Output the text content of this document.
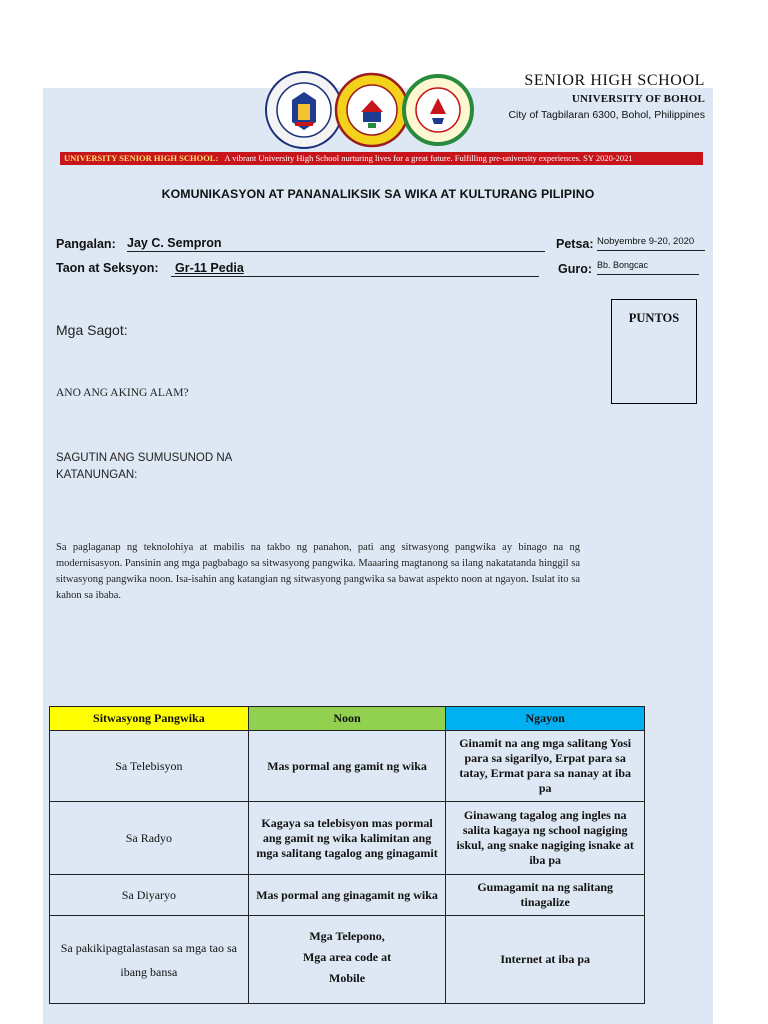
SENIOR HIGH SCHOOL
UNIVERSITY OF BOHOL
City of Tagbilaran 6300, Bohol, Philippines
UNIVERSITY SENIOR HIGH SCHOOL: A vibrant University High School nurturing lives for a great future. Fulfilling pre-university experiences. SY 2020-2021
KOMUNIKASYON AT PANANALIKSIK SA WIKA AT KULTURANG PILIPINO
Pangalan: Jay C. Sempron	Petsa: Nobyembre 9-20, 2020
Taon at Seksyon:	Gr-11 Pedia	Guro: Bb. Bongcac
PUNTOS
Mga Sagot:
ANO ANG AKING ALAM?
SAGUTIN ANG SUMUSUNOD NA
KATANUNGAN:
Sa paglaganap ng teknolohiya at mabilis na takbo ng panahon, pati ang sitwasyong pangwika ay binago na ng modernisasyon. Pansinin ang mga pagbabago sa sitwasyong pangwika. Maaaring magtanong sa ilang nakatatanda hinggil sa sitwasyong pangwika noon. Isa-isahin ang katangian ng sitwasyong pangwika sa bawat aspekto noon at ngayon. Isulat ito sa kahon sa ibaba.
Sitwasyong Pangwika	Noon	Ngayon
Sa Telebisyon	Mas pormal ang gamit ng wika	Ginamit na ang mga salitang Yosi para sa sigarilyo, Erpat para sa tatay, Ermat para sa nanay at iba pa
Sa Radyo	Kagaya sa telebisyon mas pormal ang gamit ng wika kalimitan ang mga salitang tagalog ang ginagamit	Ginawang tagalog ang ingles na salita kagaya ng school nagiging iskul, ang snake nagiging isnake at iba pa
Sa Diyaryo	Mas pormal ang ginagamit ng wika	Gumagamit na ng salitang tinagalize
Sa pakikipagtalastasan sa mga tao sa ibang bansa	Mga Telepono,
Mga area code at
Mobile	Internet at iba pa
